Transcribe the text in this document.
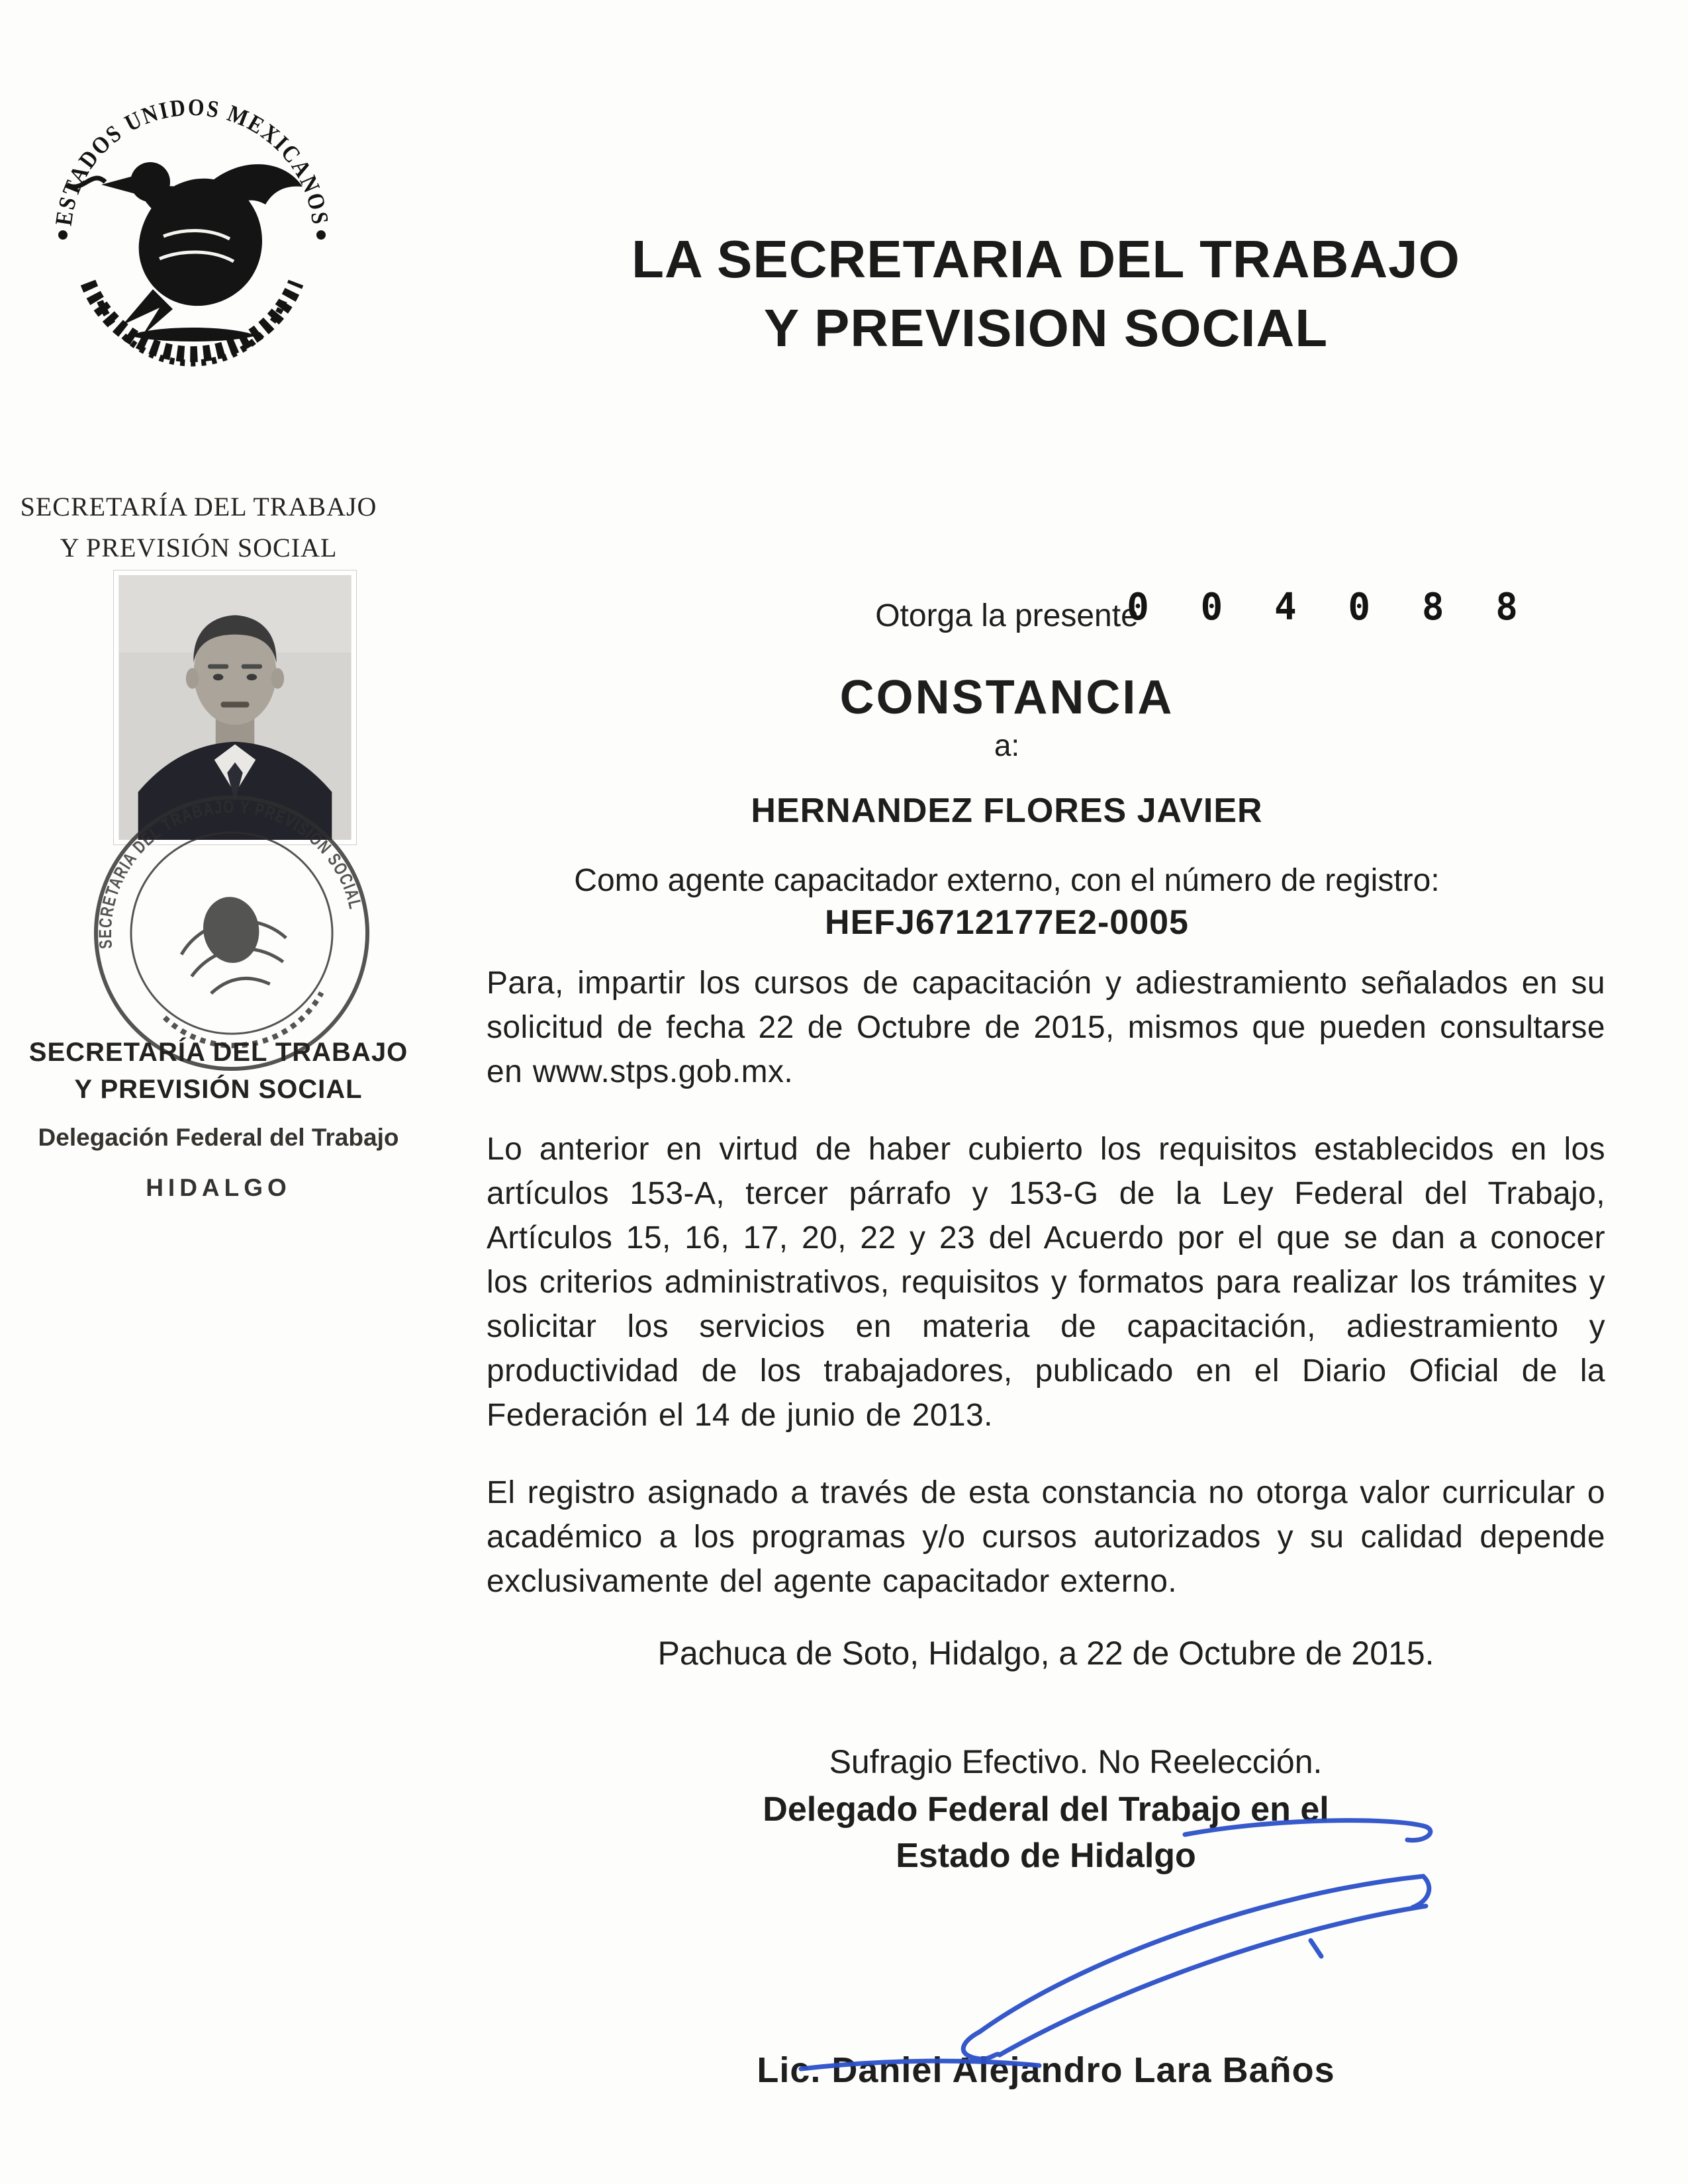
ESTADOS UNIDOS MEXICANOS
SECRETARÍA DEL TRABAJO
Y PREVISIÓN SOCIAL
SECRETARÍA DEL TRABAJO Y PREVISIÓN SOCIAL
SECRETARÍA DEL TRABAJO
Y PREVISIÓN SOCIAL
Delegación Federal del Trabajo
HIDALGO
LA SECRETARIA DEL TRABAJO
Y PREVISION SOCIAL
Otorga la presente
0 0 4 0 8 8
CONSTANCIA
a:
HERNANDEZ FLORES JAVIER
Como agente capacitador externo, con el número de registro:
HEFJ6712177E2-0005

Para, impartir los cursos de capacitación y adiestramiento señalados en su solicitud de fecha 22 de Octubre de 2015, mismos que pueden consultarse en www.stps.gob.mx.

Lo anterior en virtud de haber cubierto los requisitos establecidos en los artículos 153-A, tercer párrafo y 153-G de la Ley Federal del Trabajo, Artículos 15, 16, 17, 20, 22 y 23 del Acuerdo por el que se dan a conocer los criterios administrativos, requisitos y formatos para realizar los trámites y solicitar los servicios en materia de capacitación, adiestramiento y productividad de los trabajadores, publicado en el Diario Oficial de la Federación el 14 de junio de 2013.

El registro asignado a través de esta constancia no otorga valor curricular o académico a los programas y/o cursos autorizados y su calidad depende exclusivamente del agente capacitador externo.

Pachuca de Soto, Hidalgo, a 22 de Octubre de 2015.
Sufragio Efectivo. No Reelección.
Delegado Federal del Trabajo en el
Estado de Hidalgo
Lic. Daniel Alejandro Lara Baños
